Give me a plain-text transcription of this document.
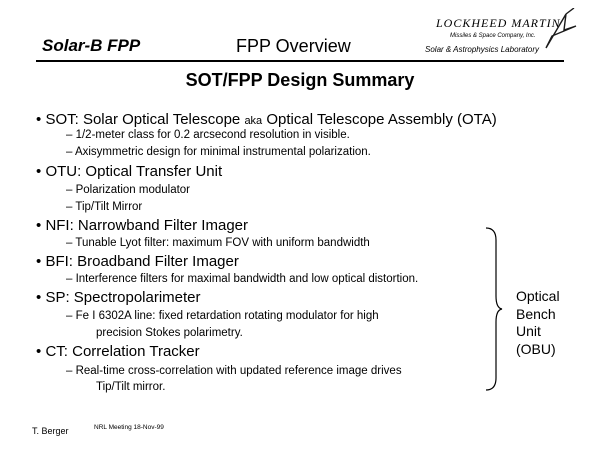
Solar-B FPP	FPP Overview
LOCKHEED MARTIN
Missiles & Space Company, Inc.
Solar & Astrophysics Laboratory
SOT/FPP Design Summary
• SOT: Solar Optical Telescope aka Optical Telescope Assembly (OTA)
– 1/2-meter class for 0.2 arcsecond resolution in visible.
– Axisymmetric design for minimal instrumental polarization.
• OTU: Optical Transfer Unit
– Polarization modulator
– Tip/Tilt Mirror
• NFI: Narrowband Filter Imager
– Tunable Lyot filter: maximum FOV with uniform bandwidth
• BFI: Broadband Filter Imager
– Interference filters for maximal bandwidth and low optical distortion.
• SP: Spectropolarimeter
– Fe I 6302A line: fixed retardation rotating modulator for high
precision Stokes polarimetry.
• CT: Correlation Tracker
– Real-time cross-correlation with updated reference image drives
Tip/Tilt mirror.
Optical
Bench
Unit
(OBU)
T. Berger	NRL Meeting 18-Nov-99
